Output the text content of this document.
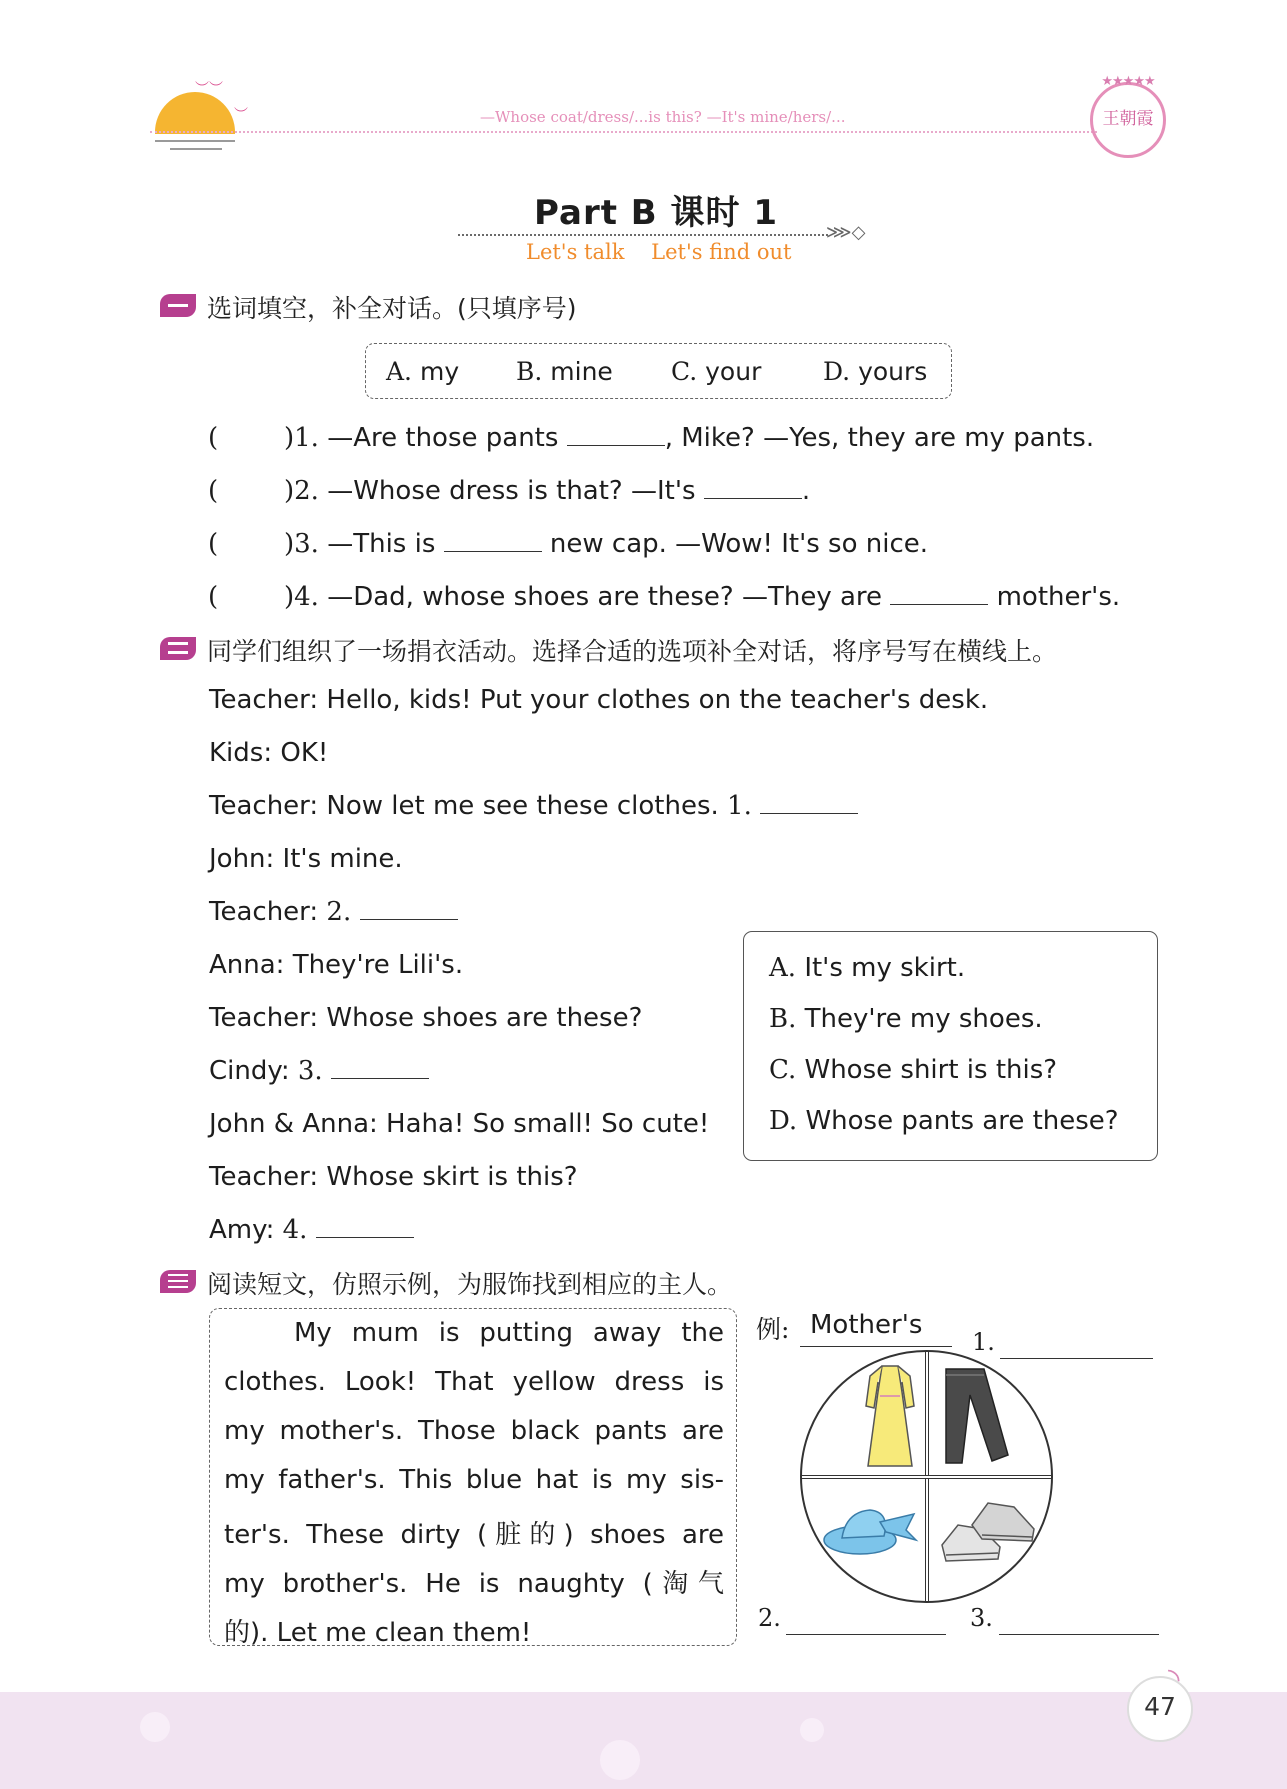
︶︶
︶	—Whose coat/dress/...is this? —It's mine/hers/...
★★★★★
王朝霞
Part B 课时 1	⋙◇
Let's talk    Let's find out
选词填空，补全对话。(只填序号)
A. my B. mine C. your D. yours
(	)1. —Are those pants	, Mike? —Yes, they are my pants.
(	)2. —Whose dress is that? —It's	.
(	)3. —This is	new cap. —Wow! It's so nice.
(	)4. —Dad, whose shoes are these? —They are	mother's.
同学们组织了一场捐衣活动。选择合适的选项补全对话，将序号写在横线上。
Teacher: Hello, kids! Put your clothes on the teacher's desk.
Kids: OK!
Teacher: Now let me see these clothes. 1.
John: It's mine.
Teacher: 2.
Anna: They're Lili's.
Teacher: Whose shoes are these?
Cindy: 3.
John & Anna: Haha! So small! So cute!
Teacher: Whose skirt is this?
Amy: 4.
A. It's my skirt.
B. They're my shoes.
C. Whose shirt is this?
D. Whose pants are these?
阅读短文，仿照示例，为服饰找到相应的主人。
My mum is putting away the
clothes. Look! That yellow dress is
my mother's. Those black pants are
my father's. This blue hat is my sis-
ter's. These dirty (脏的) shoes are
my brother's. He is naughty (淘气
的). Let me clean them!
例: Mother's
1.
2.	3.
47
◝
